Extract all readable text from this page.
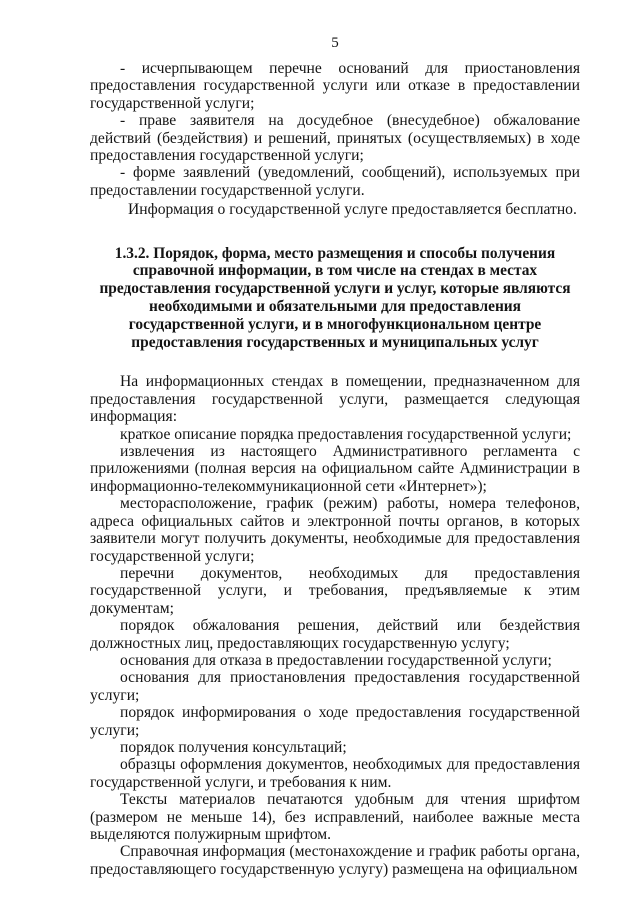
5

- исчерпывающем перечне оснований для приостановления предоставления государственной услуги или отказе в предоставлении государственной услуги;

- праве заявителя на досудебное (внесудебное) обжалование действий (бездействия) и решений, принятых (осуществляемых) в ходе предоставления государственной услуги;

- форме заявлений (уведомлений, сообщений), используемых при предоставлении государственной услуги.

Информация о государственной услуге предоставляется бесплатно.

1.3.2. Порядок, форма, место размещения и способы получения справочной информации, в том числе на стендах в местах предоставления государственной услуги и услуг, которые являются необходимыми и обязательными для предоставления государственной услуги, и в многофункциональном центре предоставления государственных и муниципальных услуг

На информационных стендах в помещении, предназначенном для предоставления государственной услуги, размещается следующая информация:

краткое описание порядка предоставления государственной услуги;

извлечения из настоящего Административного регламента с приложениями (полная версия на официальном сайте Администрации в информационно-телекоммуникационной сети «Интернет»);

месторасположение, график (режим) работы, номера телефонов, адреса официальных сайтов и электронной почты органов, в которых заявители могут получить документы, необходимые для предоставления государственной услуги;

перечни документов, необходимых для предоставления государственной услуги, и требования, предъявляемые к этим документам;

порядок обжалования решения, действий или бездействия должностных лиц, предоставляющих государственную услугу;

основания для отказа в предоставлении государственной услуги;

основания для приостановления предоставления государственной услуги;

порядок информирования о ходе предоставления государственной услуги;

порядок получения консультаций;

образцы оформления документов, необходимых для предоставления государственной услуги, и требования к ним.

Тексты материалов печатаются удобным для чтения шрифтом (размером не меньше 14), без исправлений, наиболее важные места выделяются полужирным шрифтом.

Справочная информация (местонахождение и график работы органа, предоставляющего государственную услугу) размещена на официальном
